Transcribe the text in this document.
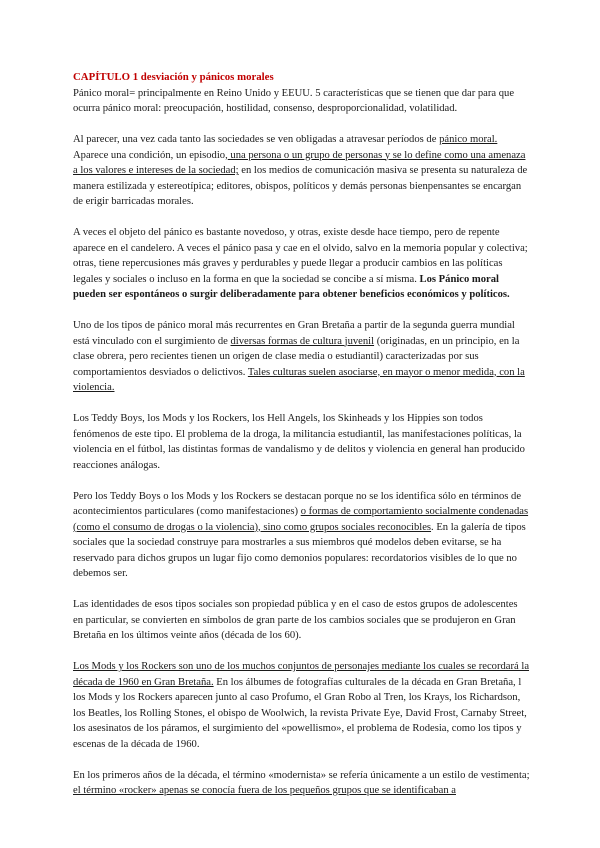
CAPÍTULO 1 desviación y pánicos morales

Pánico moral= principalmente en Reino Unido y EEUU. 5 características que se tienen que dar para que ocurra pánico moral: preocupación, hostilidad, consenso, desproporcionalidad, volatilidad.

Al parecer, una vez cada tanto las sociedades se ven obligadas a atravesar períodos de pánico moral. Aparece una condición, un episodio, una persona o un grupo de personas y se lo define como una amenaza a los valores e intereses de la sociedad; en los medios de comunicación masiva se presenta su naturaleza de manera estilizada y estereotípica; editores, obispos, políticos y demás personas bienpensantes se encargan de erigir barricadas morales.

A veces el objeto del pánico es bastante novedoso, y otras, existe desde hace tiempo, pero de repente aparece en el candelero. A veces el pánico pasa y cae en el olvido, salvo en la memoria popular y colectiva; otras, tiene repercusiones más graves y perdurables y puede llegar a producir cambios en las políticas legales y sociales o incluso en la forma en que la sociedad se concibe a sí misma. Los Pánico moral pueden ser espontáneos o surgir deliberadamente para obtener beneficios económicos y políticos.

Uno de los tipos de pánico moral más recurrentes en Gran Bretaña a partir de la segunda guerra mundial está vinculado con el surgimiento de diversas formas de cultura juvenil (originadas, en un principio, en la clase obrera, pero recientes tienen un origen de clase media o estudiantil) caracterizadas por sus comportamientos desviados o delictivos. Tales culturas suelen asociarse, en mayor o menor medida, con la violencia.

Los Teddy Boys, los Mods y los Rockers, los Hell Angels, los Skinheads y los Hippies son todos fenómenos de este tipo. El problema de la droga, la militancia estudiantil, las manifestaciones políticas, la violencia en el fútbol, las distintas formas de vandalismo y de delitos y violencia en general han producido reacciones análogas.

Pero los Teddy Boys o los Mods y los Rockers se destacan porque no se los identifica sólo en términos de acontecimientos particulares (como manifestaciones) o formas de comportamiento socialmente condenadas (como el consumo de drogas o la violencia), sino como grupos sociales reconocibles. En la galería de tipos sociales que la sociedad construye para mostrarles a sus miembros qué modelos deben evitarse, se ha reservado para dichos grupos un lugar fijo como demonios populares: recordatorios visibles de lo que no debemos ser.

Las identidades de esos tipos sociales son propiedad pública y en el caso de estos grupos de adolescentes en particular, se convierten en símbolos de gran parte de los cambios sociales que se produjeron en Gran Bretaña en los últimos veinte años (década de los 60).

Los Mods y los Rockers son uno de los muchos conjuntos de personajes mediante los cuales se recordará la década de 1960 en Gran Bretaña. En los álbumes de fotografías culturales de la década en Gran Bretaña, l los Mods y los Rockers aparecen junto al caso Profumo, el Gran Robo al Tren, los Krays, los Richardson, los Beatles, los Rolling Stones, el obispo de Woolwich, la revista Private Eye, David Frost, Carnaby Street, los asesinatos de los páramos, el surgimiento del «powellismo», el problema de Rodesia, como los tipos y escenas de la década de 1960.

En los primeros años de la década, el término «modernista» se refería únicamente a un estilo de vestimenta; el término «rocker» apenas se conocía fuera de los pequeños grupos que se identificaban a
